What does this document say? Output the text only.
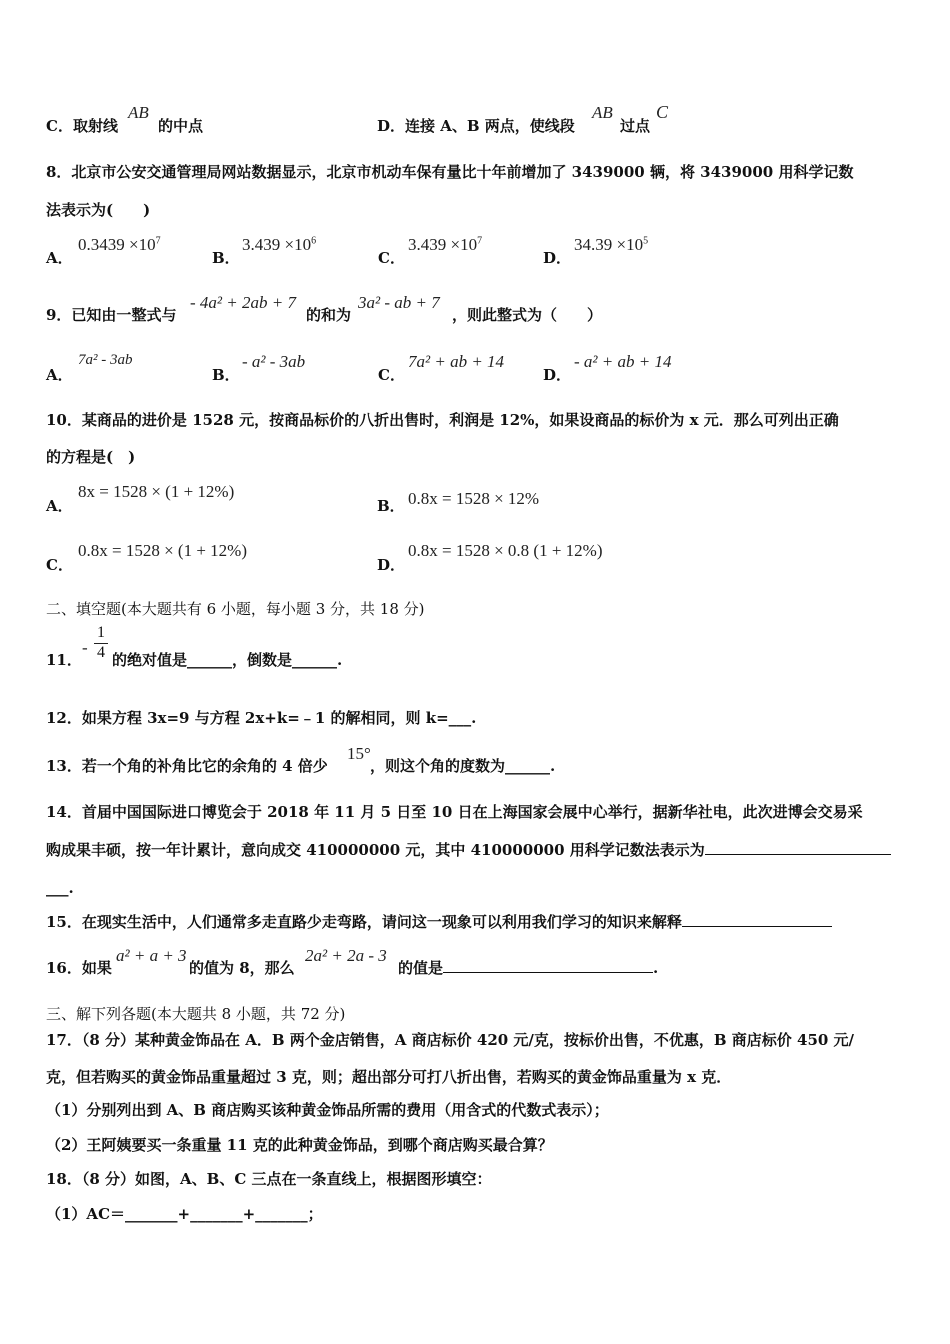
C．取射线
AB
的中点	D．连接 A、B 两点，使线段
AB
过点
C
8．北京市公安交通管理局网站数据显示，北京市机动车保有量比十年前增加了 3439000 辆，将 3439000 用科学记数
法表示为(　　)
A．
$0.3439 \times 10^7$
B．
$3.439 \times 10^6$
C．
$3.439 \times 10^7$
D．
$34.39 \times 10^5$
9．已知由一整式与
- 4a² + 2ab + 7
的和为
3a² - ab + 7
，则此整式为（　　）
A．
7a² - 3ab
B．
- a² - 3ab
C．
7a² + ab + 14
D．
- a² + ab + 14
10．某商品的进价是 1528 元，按商品标价的八折出售时，利润是 12%，如果设商品的标价为 x 元．那么可列出正确
的方程是(　)
A．
8x = 1528 × (1 + 12%)
B． 0.8x = 1528 × 12%
C．
0.8x = 1528 × (1 + 12%)
D．
0.8x = 1528 × 0.8 (1 + 12%)
二、填空题(本大题共有 6 小题，每小题 3 分，共 18 分)
11．
- $\frac{1}{4}$ 的绝对值是______，倒数是______.
12．如果方程 3x=9 与方程 2x+k=﹣1 的解相同，则 k=___.
13．若一个角的补角比它的余角的 4 倍少
15°
，则这个角的度数为______.
14．首届中国国际进口博览会于 2018 年 11 月 5 日至 10 日在上海国家会展中心举行，据新华社电，此次进博会交易采
购成果丰硕，按一年计累计，意向成交 410000000 元，其中 410000000 用科学记数法表示为
___.
15．在现实生活中，人们通常多走直路少走弯路，请问这一现象可以利用我们学习的知识来解释
16．如果
a² + a + 3
的值为 8，那么
2a² + 2a - 3
的值是	.
三、解下列各题(本大题共 8 小题，共 72 分)
17．（8 分）某种黄金饰品在 A．B 两个金店销售，A 商店标价 420 元/克，按标价出售，不优惠，B 商店标价 450 元/
克，但若购买的黄金饰品重量超过 3 克，则；超出部分可打八折出售，若购买的黄金饰品重量为 x 克．
（1）分别列出到 A、B 商店购买该种黄金饰品所需的费用（用含式的代数式表示）；
（2）王阿姨要买一条重量 11 克的此种黄金饰品，到哪个商店购买最合算？
18．（8 分）如图，A、B、C 三点在一条直线上，根据图形填空：
（1）AC＝_______+_______+_______；
